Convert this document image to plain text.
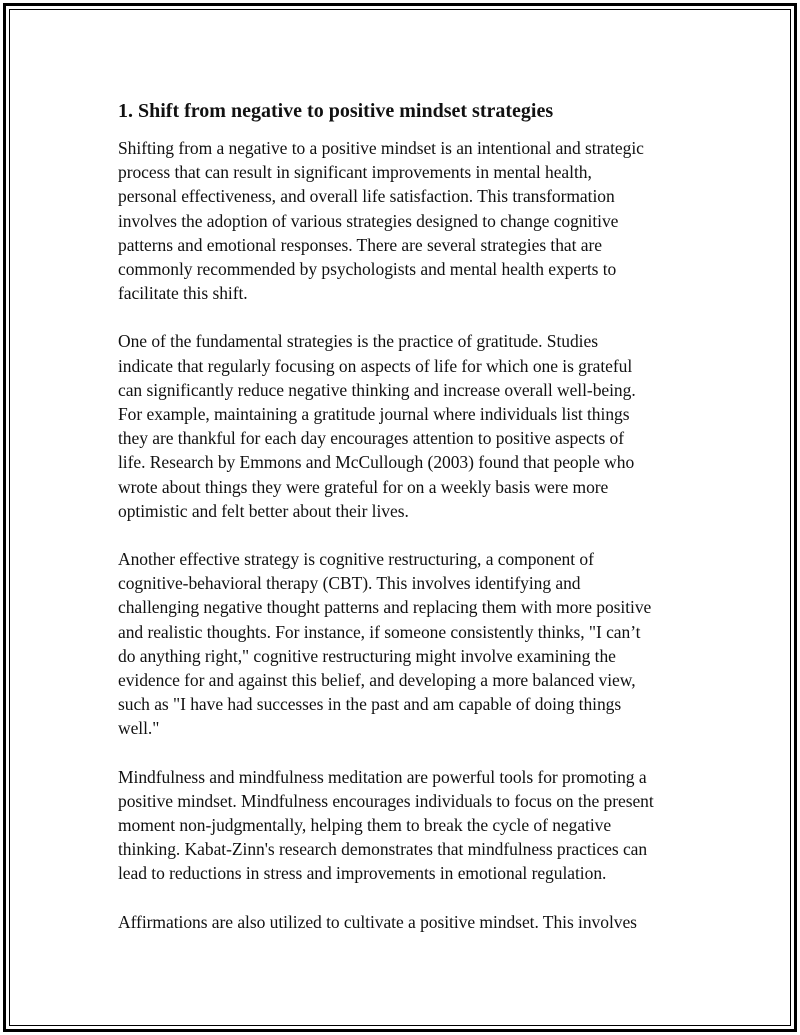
1. Shift from negative to positive mindset strategies

Shifting from a negative to a positive mindset is an intentional and strategic
process that can result in significant improvements in mental health,
personal effectiveness, and overall life satisfaction. This transformation
involves the adoption of various strategies designed to change cognitive
patterns and emotional responses. There are several strategies that are
commonly recommended by psychologists and mental health experts to
facilitate this shift.

One of the fundamental strategies is the practice of gratitude. Studies
indicate that regularly focusing on aspects of life for which one is grateful
can significantly reduce negative thinking and increase overall well-being.
For example, maintaining a gratitude journal where individuals list things
they are thankful for each day encourages attention to positive aspects of
life. Research by Emmons and McCullough (2003) found that people who
wrote about things they were grateful for on a weekly basis were more
optimistic and felt better about their lives.

Another effective strategy is cognitive restructuring, a component of
cognitive-behavioral therapy (CBT). This involves identifying and
challenging negative thought patterns and replacing them with more positive
and realistic thoughts. For instance, if someone consistently thinks, "I can’t
do anything right," cognitive restructuring might involve examining the
evidence for and against this belief, and developing a more balanced view,
such as "I have had successes in the past and am capable of doing things
well."

Mindfulness and mindfulness meditation are powerful tools for promoting a
positive mindset. Mindfulness encourages individuals to focus on the present
moment non-judgmentally, helping them to break the cycle of negative
thinking. Kabat-Zinn's research demonstrates that mindfulness practices can
lead to reductions in stress and improvements in emotional regulation.

Affirmations are also utilized to cultivate a positive mindset. This involves
